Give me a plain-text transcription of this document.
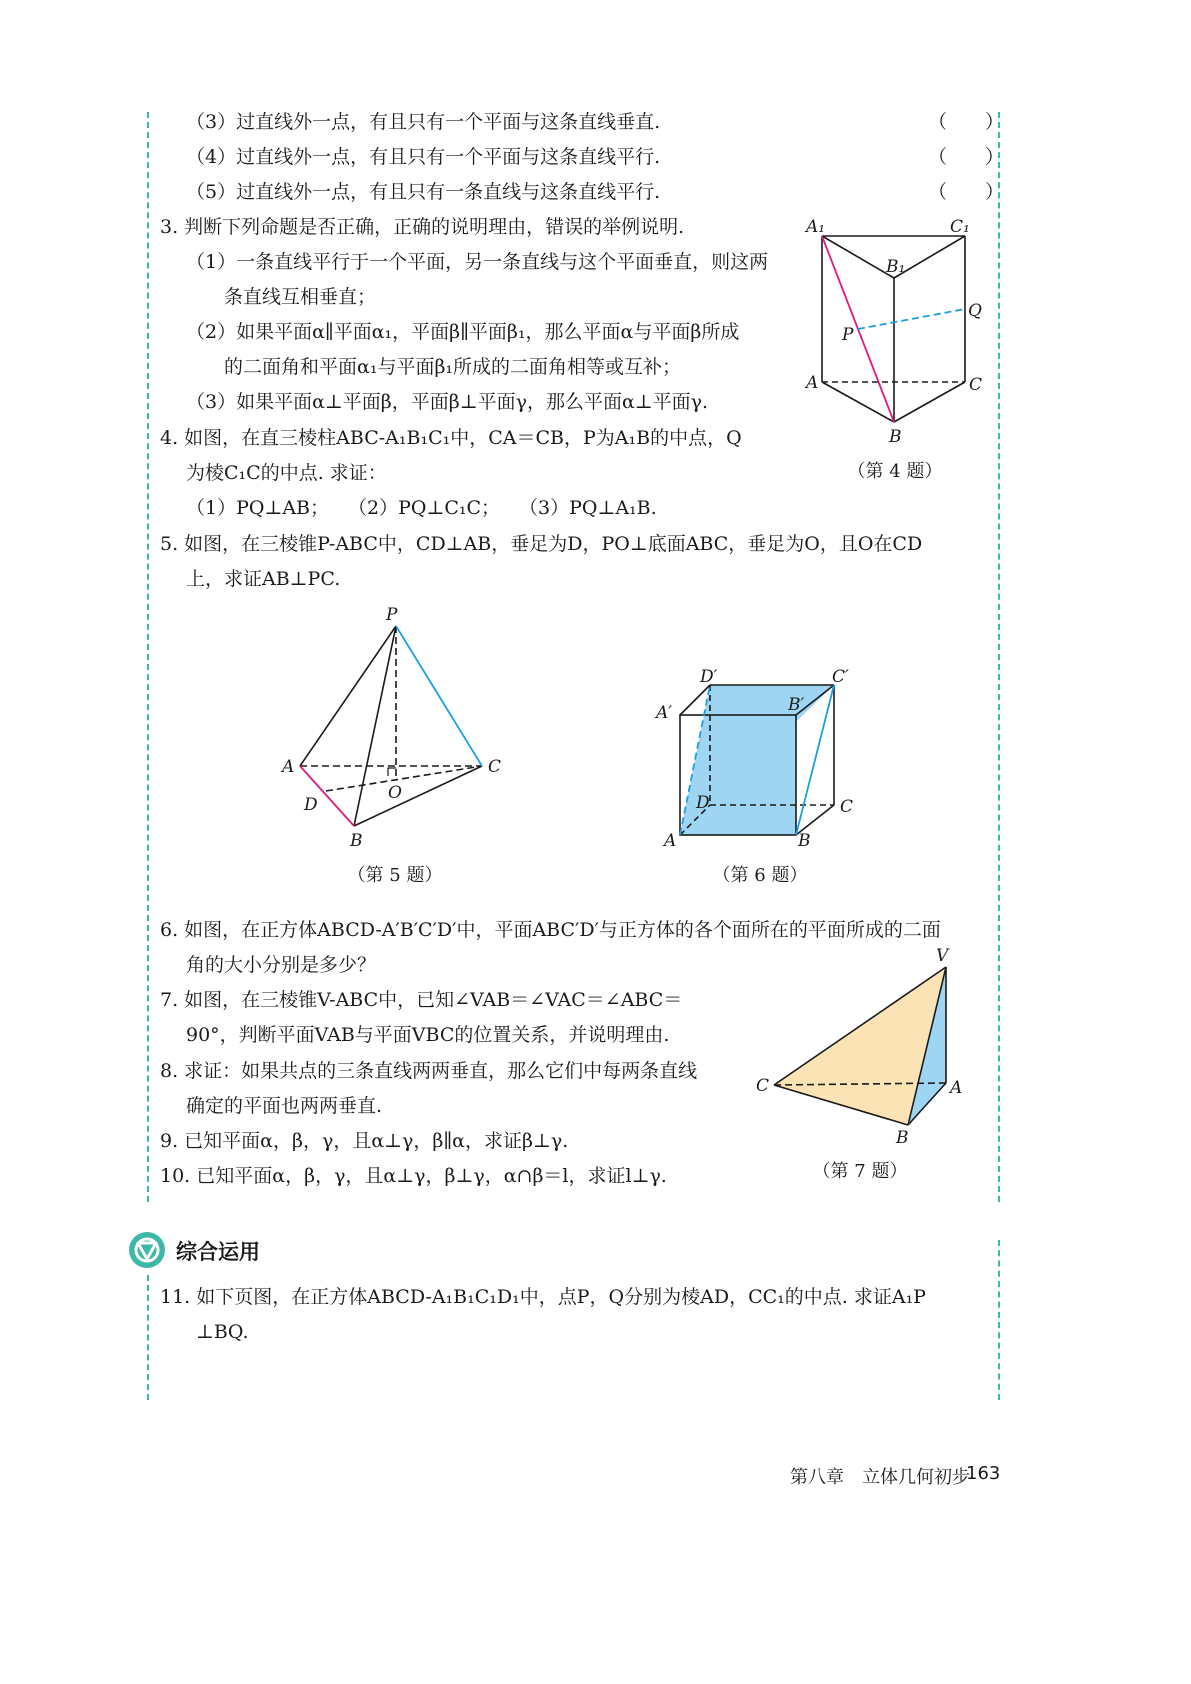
（3）过直线外一点，有且只有一个平面与这条直线垂直.	（　　）
（4）过直线外一点，有且只有一个平面与这条直线平行.	（　　）
（5）过直线外一点，有且只有一条直线与这条直线平行.	（　　）
3. 判断下列命题是否正确，正确的说明理由，错误的举例说明.
（1）一条直线平行于一个平面，另一条直线与这个平面垂直，则这两
条直线互相垂直；
（2）如果平面α∥平面α₁，平面β∥平面β₁，那么平面α与平面β所成
的二面角和平面α₁与平面β₁所成的二面角相等或互补；
（3）如果平面α⊥平面β，平面β⊥平面γ，那么平面α⊥平面γ.
4. 如图，在直三棱柱ABC-A₁B₁C₁中，CA＝CB，P为A₁B的中点，Q
为棱C₁C的中点. 求证：
（1）PQ⊥AB；　　（2）PQ⊥C₁C；　　（3）PQ⊥A₁B.
5. 如图，在三棱锥P-ABC中，CD⊥AB，垂足为D，PO⊥底面ABC，垂足为O，且O在CD
上，求证AB⊥PC.
6. 如图，在正方体ABCD-A′B′C′D′中，平面ABC′D′与正方体的各个面所在的平面所成的二面
角的大小分别是多少？
7. 如图，在三棱锥V-ABC中，已知∠VAB＝∠VAC＝∠ABC＝
90°，判断平面VAB与平面VBC的位置关系，并说明理由.
8. 求证：如果共点的三条直线两两垂直，那么它们中每两条直线
确定的平面也两两垂直.
9. 已知平面α，β，γ，且α⊥γ，β∥α，求证β⊥γ.
10. 已知平面α，β，γ，且α⊥γ，β⊥γ，α∩β＝l，求证l⊥γ.
综合运用
11. 如下页图，在正方体ABCD-A₁B₁C₁D₁中，点P，Q分别为棱AD，CC₁的中点. 求证A₁P
⊥BQ.
A₁	C₁
B₁
Q
P
A	C
B
（第 4 题）
P
A	C
D
O
B
（第 5 题）
D′	C′
A′	B′
D	C
A	B
（第 6 题）
V
C	A
B
（第 7 题）
第八章　立体几何初步
163
